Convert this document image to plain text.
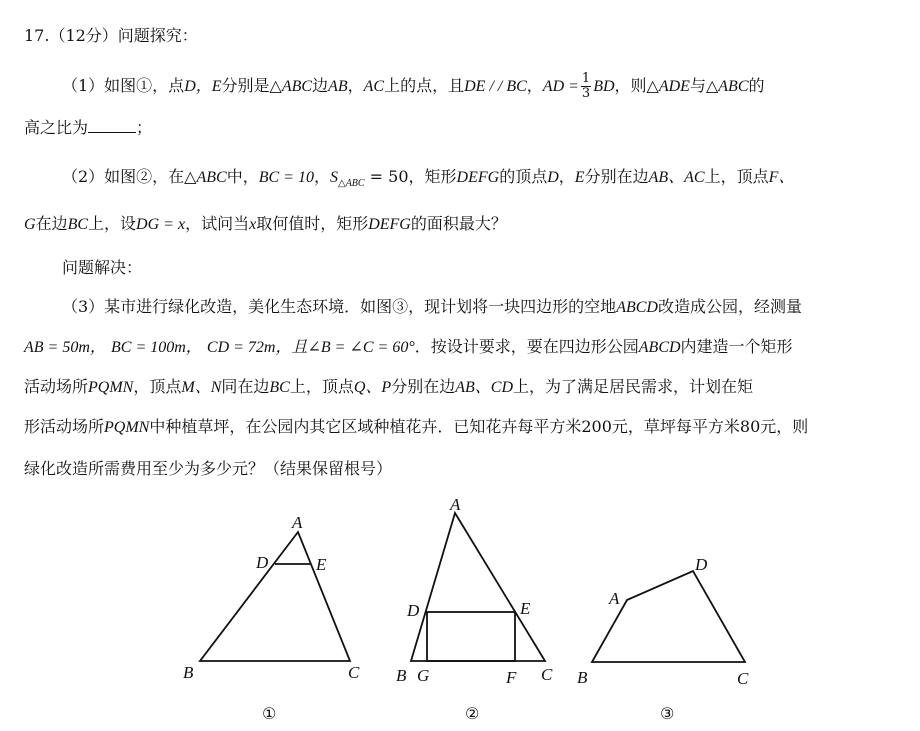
17.（12分）问题探究：
（1）如图①，点D，E分别是△ABC边AB，AC上的点，且DE / / BC，AD = $\frac{1}{3}$ BD，则△ADE与△ABC的
高之比为	；
（2）如图②，在△ABC中，BC = 10，$S_{\triangle ABC} = 50$，矩形DEFG的顶点D，E分别在边AB、AC上，顶点F、
G在边BC上，设DG = x，试问当x取何值时，矩形DEFG的面积最大？
问题解决：
（3）某市进行绿化改造，美化生态环境．如图③，现计划将一块四边形的空地ABCD改造成公园，经测量
AB = 50m， BC = 100m， CD = 72m，且∠B = ∠C = 60°．按设计要求，要在四边形公园ABCD内建造一个矩形
活动场所PQMN，顶点M、N同在边BC上，顶点Q、P分别在边AB、CD上，为了满足居民需求，计划在矩
形活动场所PQMN中种植草坪，在公园内其它区域种植花卉．已知花卉每平方米200元，草坪每平方米80元，则
绿化改造所需费用至少为多少元？（结果保留根号）
A
D	E
B	C
①
A
D	E
B G	F C
②
A
D
B	C
③
